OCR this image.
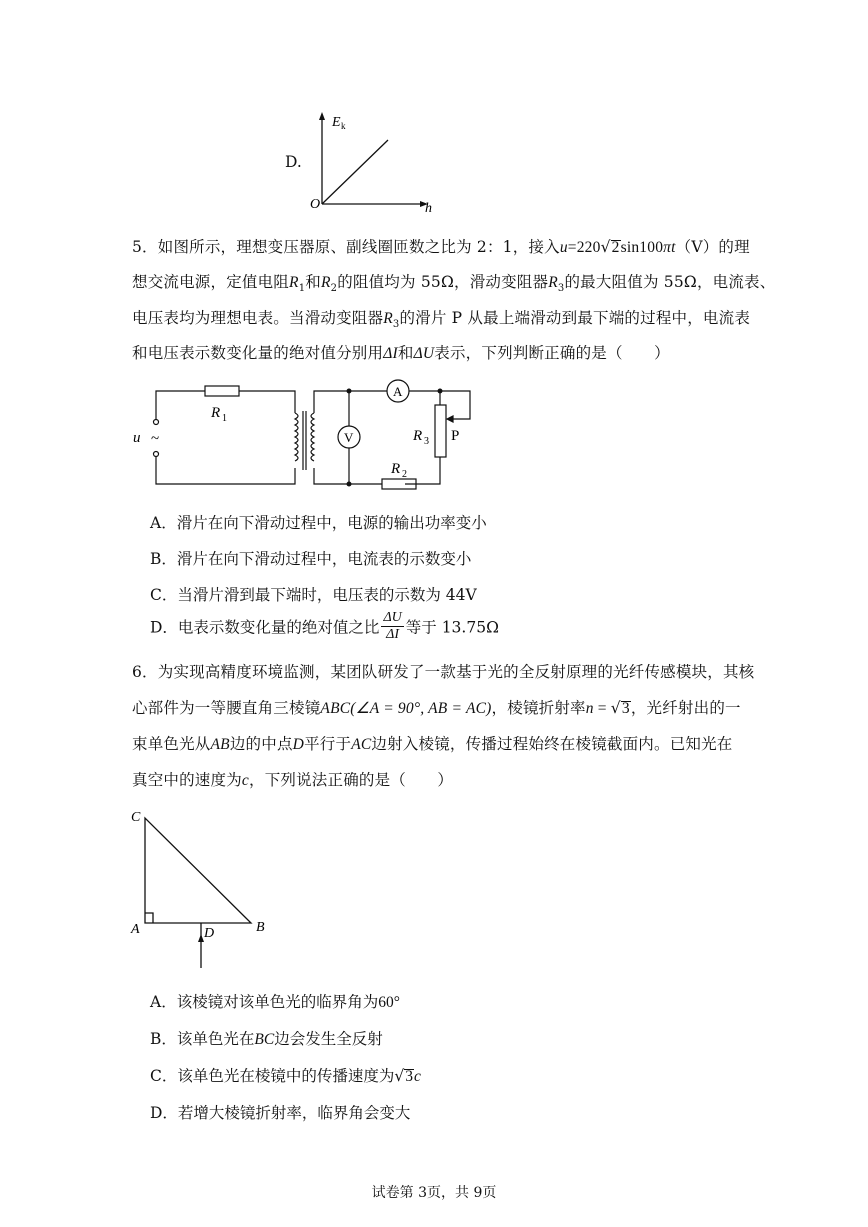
D.
E k
O	h
5．如图所示，理想变压器原、副线圈匝数之比为 2：1，接入u=220√2sin100πt（V）的理
想交流电源，定值电阻$R_1$和$R_2$的阻值均为 55Ω，滑动变阻器$R_3$的最大阻值为 55Ω，电流表、
电压表均为理想电表。当滑动变阻器$R_3$的滑片 P 从最上端滑动到最下端的过程中，电流表
和电压表示数变化量的绝对值分别用ΔI和ΔU表示，下列判断正确的是（　　）
u ~
R 1
R 2
R 3
A
V	P
A．滑片在向下滑动过程中，电源的输出功率变小
B．滑片在向下滑动过程中，电流表的示数变小
C．当滑片滑到最下端时，电压表的示数为 44V
D．电表示数变化量的绝对值之比 $\frac{\Delta U}{\Delta I}$ 等于 13.75Ω
6．为实现高精度环境监测，某团队研发了一款基于光的全反射原理的光纤传感模块，其核
心部件为一等腰直角三棱镜ABC(∠A = 90°, AB = AC)，棱镜折射率n = √3，光纤射出的一
束单色光从AB边的中点D平行于AC边射入棱镜，传播过程始终在棱镜截面内。已知光在
真空中的速度为c，下列说法正确的是（　　）
C
A	B
D
A．该棱镜对该单色光的临界角为60°
B．该单色光在BC边会发生全反射
C．该单色光在棱镜中的传播速度为√3c
D．若增大棱镜折射率，临界角会变大
试卷第 3页，共 9页
